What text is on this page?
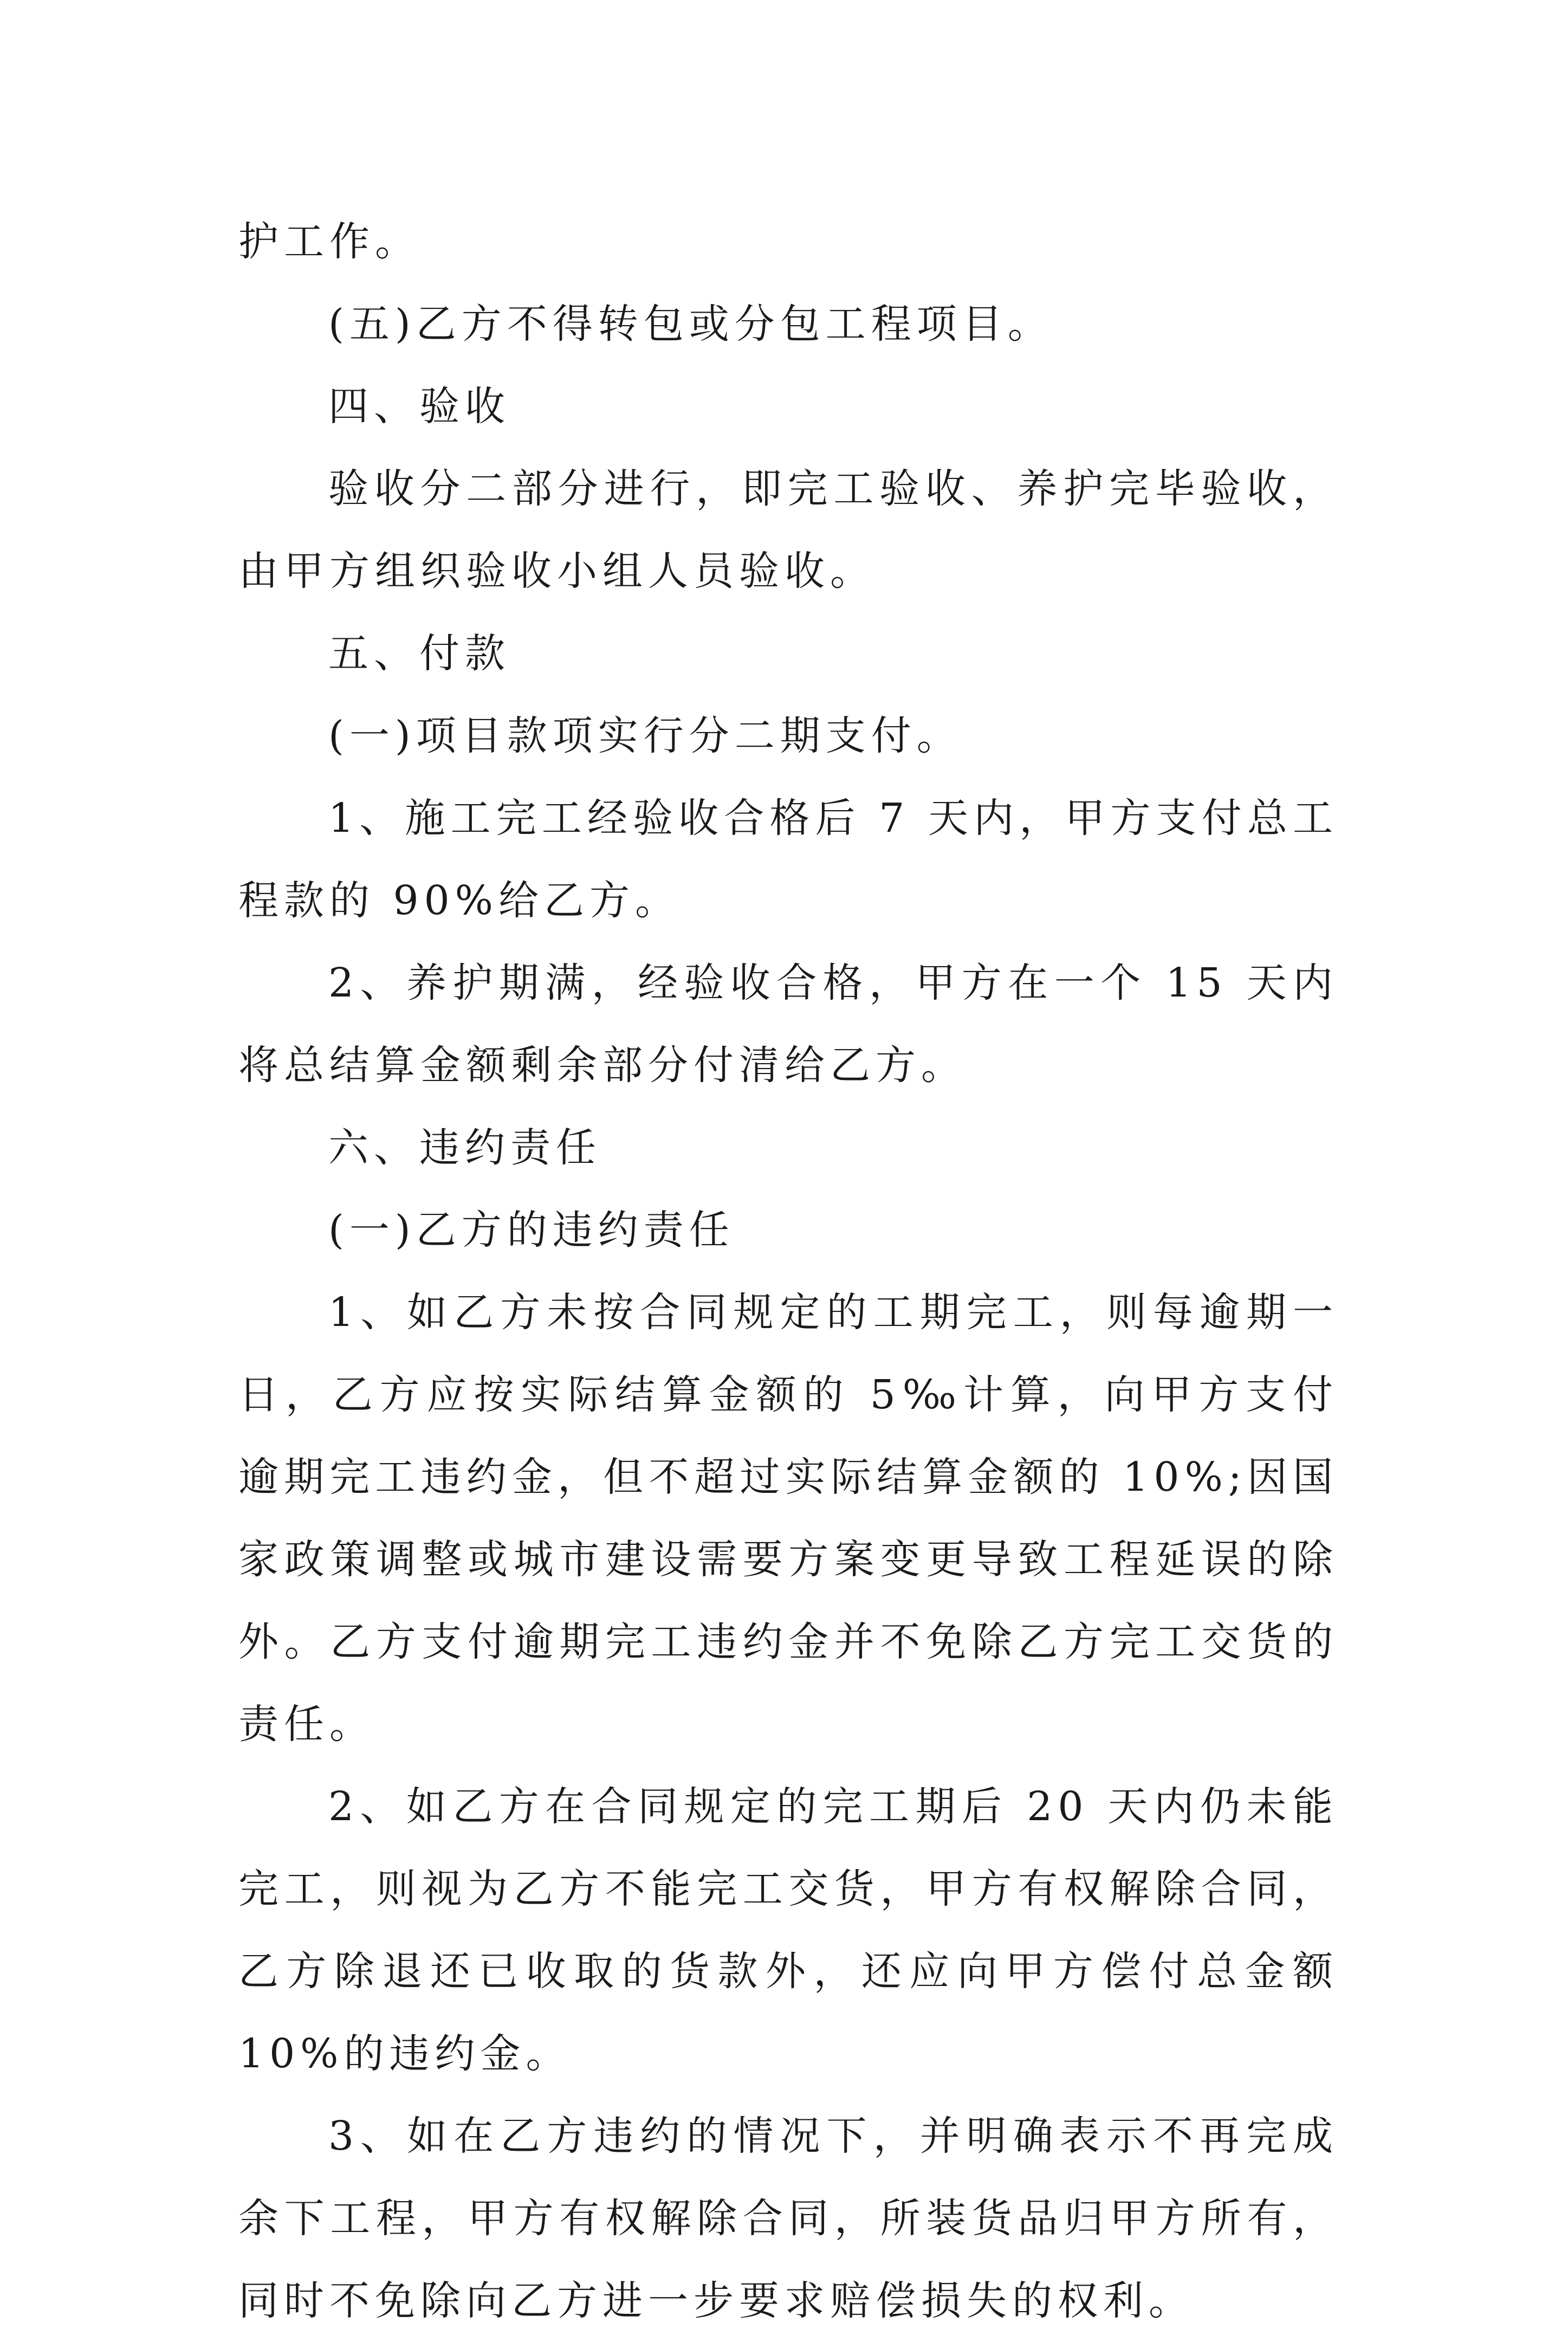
护工作。

(五)乙方不得转包或分包工程项目。

四、验收

验收分二部分进行，即完工验收、养护完毕验收，由甲方组织验收小组人员验收。

五、付款

(一)项目款项实行分二期支付。

1、施工完工经验收合格后 7 天内，甲方支付总工程款的 90%给乙方。

2、养护期满，经验收合格，甲方在一个 15 天内将总结算金额剩余部分付清给乙方。

六、违约责任

(一)乙方的违约责任

1、如乙方未按合同规定的工期完工，则每逾期一日，乙方应按实际结算金额的 5‰计算，向甲方支付逾期完工违约金，但不超过实际结算金额的 10%;因国家政策调整或城市建设需要方案变更导致工程延误的除外。乙方支付逾期完工违约金并不免除乙方完工交货的责任。

2、如乙方在合同规定的完工期后 20 天内仍未能完工，则视为乙方不能完工交货，甲方有权解除合同，乙方除退还已收取的货款外，还应向甲方偿付总金额 10%的违约金。

3、如在乙方违约的情况下，并明确表示不再完成余下工程，甲方有权解除合同，所装货品归甲方所有，同时不免除向乙方进一步要求赔偿损失的权利。
